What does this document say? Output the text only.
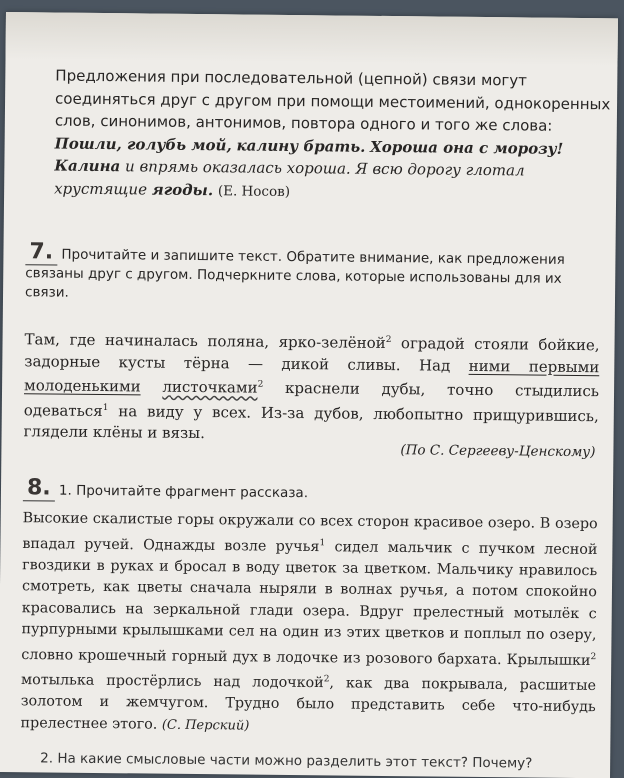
Предложения при последовательной (цепной) связи могут соединяться друг с другом при помощи местоимений, однокоренных слов, синонимов, антонимов, повтора одного и того же слова: Пошли, голубь мой, калину брать. Хороша она с морозу! Калина и впрямь оказалась хороша. Я всю дорогу глотал хрустящие ягоды. (Е. Носов)
7. Прочитайте и запишите текст. Обратите внимание, как предложения связаны друг с другом. Подчеркните слова, которые использованы для их связи.
Там, где начиналась поляна, ярко-зелёной$^2$ оградой стояли бойкие, задорные кусты тёрна — дикой сливы. Над ними первыми молоденькими листочками$^2$ краснели дубы, точно стыдились одеваться$^1$ на виду у всех. Из-за дубов, любопытно прищурившись, глядели клёны и вязы.
(По С. Сергееву-Ценскому)
8. 1. Прочитайте фрагмент рассказа.
Высокие скалистые горы окружали со всех сторон красивое озеро. В озеро впадал ручей. Однажды возле ручья$^1$ сидел мальчик с пучком лесной гвоздики в руках и бросал в воду цветок за цветком. Мальчику нравилось смотреть, как цветы сначала ныряли в волнах ручья, а потом спокойно красовались на зеркальной глади озера. Вдруг прелестный мотылёк с пурпурными крылышками сел на один из этих цветков и поплыл по озеру, словно крошечный горный дух в лодочке из розового бархата. Крылышки$^2$ мотылька простёрлись над лодочкой$^2$, как два покрывала, расшитые золотом и жемчугом. Трудно было представить себе что-нибудь прелестнее этого. (С. Перский)
2. На какие смысловые части можно разделить этот текст? Почему?
